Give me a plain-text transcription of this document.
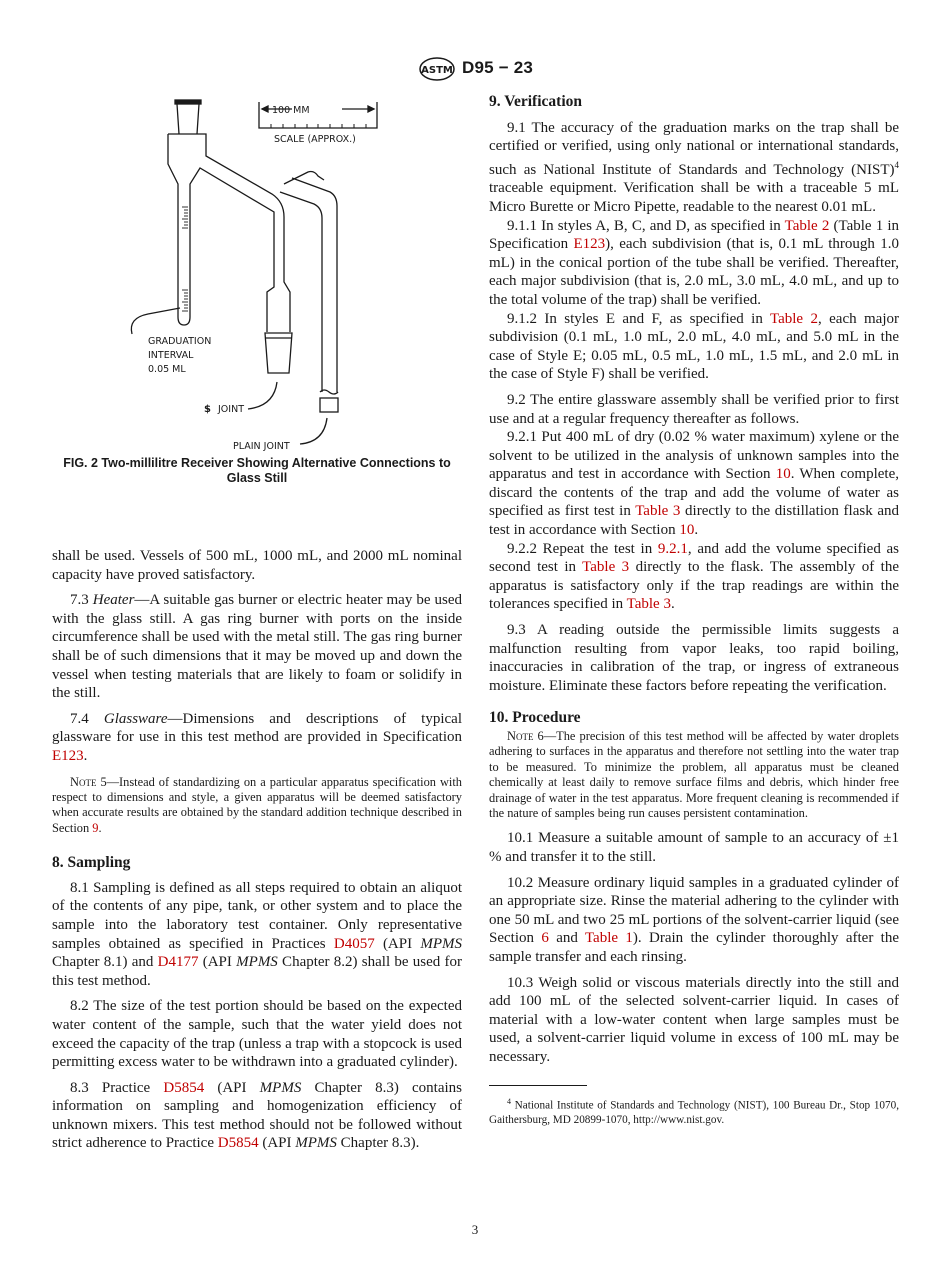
ASTM D95 − 23
100 MM
SCALE (APPROX.)
GRADUATION
INTERVAL
0.05 ML
$ JOINT
PLAIN JOINT
FIG. 2 Two-millilitre Receiver Showing Alternative Connections to
Glass Still

shall be used. Vessels of 500 mL, 1000 mL, and 2000 mL nominal capacity have proved satisfactory.

7.3 Heater—A suitable gas burner or electric heater may be used with the glass still. A gas ring burner with ports on the inside circumference shall be used with the metal still. The gas ring burner shall be of such dimensions that it may be moved up and down the vessel when testing materials that are likely to foam or solidify in the still.

7.4 Glassware—Dimensions and descriptions of typical glassware for use in this test method are provided in Specification E123.

Note 5—Instead of standardizing on a particular apparatus specification with respect to dimensions and style, a given apparatus will be deemed satisfactory when accurate results are obtained by the standard addition technique described in Section 9.

8. Sampling

8.1 Sampling is defined as all steps required to obtain an aliquot of the contents of any pipe, tank, or other system and to place the sample into the laboratory test container. Only representative samples obtained as specified in Practices D4057 (API MPMS Chapter 8.1) and D4177 (API MPMS Chapter 8.2) shall be used for this test method.

8.2 The size of the test portion should be based on the expected water content of the sample, such that the water yield does not exceed the capacity of the trap (unless a trap with a stopcock is used permitting excess water to be withdrawn into a graduated cylinder).

8.3 Practice D5854 (API MPMS Chapter 8.3) contains information on sampling and homogenization efficiency of unknown mixers. This test method should not be followed without strict adherence to Practice D5854 (API MPMS Chapter 8.3).

9. Verification

9.1 The accuracy of the graduation marks on the trap shall be certified or verified, using only national or international standards, such as National Institute of Standards and Technology (NIST)$^4$ traceable equipment. Verification shall be with a traceable 5 mL Micro Burette or Micro Pipette, readable to the nearest 0.01 mL.

9.1.1 In styles A, B, C, and D, as specified in Table 2 (Table 1 in Specification E123), each subdivision (that is, 0.1 mL through 1.0 mL) in the conical portion of the tube shall be verified. Thereafter, each major subdivision (that is, 2.0 mL, 3.0 mL, 4.0 mL, and up to the total volume of the trap) shall be verified.

9.1.2 In styles E and F, as specified in Table 2, each major subdivision (0.1 mL, 1.0 mL, 2.0 mL, 4.0 mL, and 5.0 mL in the case of Style E; 0.05 mL, 0.5 mL, 1.0 mL, 1.5 mL, and 2.0 mL in the case of Style F) shall be verified.

9.2 The entire glassware assembly shall be verified prior to first use and at a regular frequency thereafter as follows.

9.2.1 Put 400 mL of dry (0.02 % water maximum) xylene or the solvent to be utilized in the analysis of unknown samples into the apparatus and test in accordance with Section 10. When complete, discard the contents of the trap and add the volume of water as specified as first test in Table 3 directly to the distillation flask and test in accordance with Section 10.

9.2.2 Repeat the test in 9.2.1, and add the volume specified as second test in Table 3 directly to the flask. The assembly of the apparatus is satisfactory only if the trap readings are within the tolerances specified in Table 3.

9.3 A reading outside the permissible limits suggests a malfunction resulting from vapor leaks, too rapid boiling, inaccuracies in calibration of the trap, or ingress of extraneous moisture. Eliminate these factors before repeating the verification.

10. Procedure

Note 6—The precision of this test method will be affected by water droplets adhering to surfaces in the apparatus and therefore not settling into the water trap to be measured. To minimize the problem, all apparatus must be cleaned chemically at least daily to remove surface films and debris, which hinder free drainage of water in the test apparatus. More frequent cleaning is recommended if the nature of samples being run causes persistent contamination.

10.1 Measure a suitable amount of sample to an accuracy of ±1 % and transfer it to the still.

10.2 Measure ordinary liquid samples in a graduated cylinder of an appropriate size. Rinse the material adhering to the cylinder with one 50 mL and two 25 mL portions of the solvent-carrier liquid (see Section 6 and Table 1). Drain the cylinder thoroughly after the sample transfer and each rinsing.

10.3 Weigh solid or viscous materials directly into the still and add 100 mL of the selected solvent-carrier liquid. In cases of material with a low-water content when large samples must be used, a solvent-carrier liquid volume in excess of 100 mL may be necessary.

$^4$ National Institute of Standards and Technology (NIST), 100 Bureau Dr., Stop 1070, Gaithersburg, MD 20899-1070, http://www.nist.gov.

3
